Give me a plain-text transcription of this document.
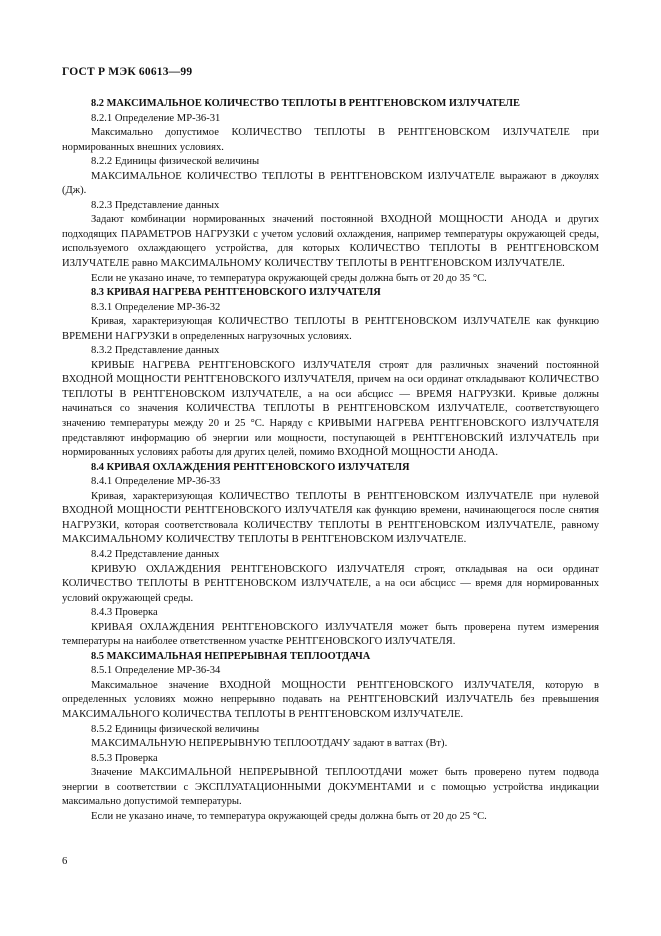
ГОСТ Р МЭК 60613—99

8.2 МАКСИМАЛЬНОЕ КОЛИЧЕСТВО ТЕПЛОТЫ В РЕНТГЕНОВСКОМ ИЗЛУЧАТЕЛЕ

8.2.1 Определение МР-36-31

Максимально допустимое КОЛИЧЕСТВО ТЕПЛОТЫ В РЕНТГЕНОВСКОМ ИЗЛУЧАТЕЛЕ при нормированных внешних условиях.

8.2.2 Единицы физической величины

МАКСИМАЛЬНОЕ КОЛИЧЕСТВО ТЕПЛОТЫ В РЕНТГЕНОВСКОМ ИЗЛУЧАТЕЛЕ выражают в джоулях (Дж).

8.2.3 Представление данных

Задают комбинации нормированных значений постоянной ВХОДНОЙ МОЩНОСТИ АНОДА и других подходящих ПАРАМЕТРОВ НАГРУЗКИ с учетом условий охлаждения, например температуры окружающей среды, используемого охлаждающего устройства, для которых КОЛИЧЕСТВО ТЕПЛОТЫ В РЕНТГЕНОВСКОМ ИЗЛУЧАТЕЛЕ равно МАКСИМАЛЬНОМУ КОЛИЧЕСТВУ ТЕПЛОТЫ В РЕНТГЕНОВСКОМ ИЗЛУЧАТЕЛЕ.

Если не указано иначе, то температура окружающей среды должна быть от 20 до 35 °С.

8.3 КРИВАЯ НАГРЕВА РЕНТГЕНОВСКОГО ИЗЛУЧАТЕЛЯ

8.3.1 Определение МР-36-32

Кривая, характеризующая КОЛИЧЕСТВО ТЕПЛОТЫ В РЕНТГЕНОВСКОМ ИЗЛУЧАТЕЛЕ как функцию ВРЕМЕНИ НАГРУЗКИ в определенных нагрузочных условиях.

8.3.2 Представление данных

КРИВЫЕ НАГРЕВА РЕНТГЕНОВСКОГО ИЗЛУЧАТЕЛЯ строят для различных значений постоянной ВХОДНОЙ МОЩНОСТИ РЕНТГЕНОВСКОГО ИЗЛУЧАТЕЛЯ, причем на оси ординат откладывают КОЛИЧЕСТВО ТЕПЛОТЫ В РЕНТГЕНОВСКОМ ИЗЛУЧАТЕЛЕ, а на оси абсцисс — ВРЕМЯ НАГРУЗКИ. Кривые должны начинаться со значения КОЛИЧЕСТВА ТЕПЛОТЫ В РЕНТГЕНОВСКОМ ИЗЛУЧАТЕЛЕ, соответствующего значению температуры между 20 и 25 °С. Наряду с КРИВЫМИ НАГРЕВА РЕНТГЕНОВСКОГО ИЗЛУЧАТЕЛЯ представляют информацию об энергии или мощности, поступающей в РЕНТГЕНОВСКИЙ ИЗЛУЧАТЕЛЬ при нормированных условиях работы для других целей, помимо ВХОДНОЙ МОЩНОСТИ АНОДА.

8.4 КРИВАЯ ОХЛАЖДЕНИЯ РЕНТГЕНОВСКОГО ИЗЛУЧАТЕЛЯ

8.4.1 Определение МР-36-33

Кривая, характеризующая КОЛИЧЕСТВО ТЕПЛОТЫ В РЕНТГЕНОВСКОМ ИЗЛУЧАТЕЛЕ при нулевой ВХОДНОЙ МОЩНОСТИ РЕНТГЕНОВСКОГО ИЗЛУЧАТЕЛЯ как функцию времени, начинающегося после снятия НАГРУЗКИ, которая соответствовала КОЛИЧЕСТВУ ТЕПЛОТЫ В РЕНТГЕНОВСКОМ ИЗЛУЧАТЕЛЕ, равному МАКСИМАЛЬНОМУ КОЛИЧЕСТВУ ТЕПЛОТЫ В РЕНТГЕНОВСКОМ ИЗЛУЧАТЕЛЕ.

8.4.2 Представление данных

КРИВУЮ ОХЛАЖДЕНИЯ РЕНТГЕНОВСКОГО ИЗЛУЧАТЕЛЯ строят, откладывая на оси ординат КОЛИЧЕСТВО ТЕПЛОТЫ В РЕНТГЕНОВСКОМ ИЗЛУЧАТЕЛЕ, а на оси абсцисс — время для нормированных условий окружающей среды.

8.4.3 Проверка

КРИВАЯ ОХЛАЖДЕНИЯ РЕНТГЕНОВСКОГО ИЗЛУЧАТЕЛЯ может быть проверена путем измерения температуры на наиболее ответственном участке РЕНТГЕНОВСКОГО ИЗЛУЧАТЕЛЯ.

8.5 МАКСИМАЛЬНАЯ НЕПРЕРЫВНАЯ ТЕПЛООТДАЧА

8.5.1 Определение МР-36-34

Максимальное значение ВХОДНОЙ МОЩНОСТИ РЕНТГЕНОВСКОГО ИЗЛУЧАТЕЛЯ, которую в определенных условиях можно непрерывно подавать на РЕНТГЕНОВСКИЙ ИЗЛУЧАТЕЛЬ без превышения МАКСИМАЛЬНОГО КОЛИЧЕСТВА ТЕПЛОТЫ В РЕНТГЕНОВСКОМ ИЗЛУЧАТЕЛЕ.

8.5.2 Единицы физической величины

МАКСИМАЛЬНУЮ НЕПРЕРЫВНУЮ ТЕПЛООТДАЧУ задают в ваттах (Вт).

8.5.3 Проверка

Значение МАКСИМАЛЬНОЙ НЕПРЕРЫВНОЙ ТЕПЛООТДАЧИ может быть проверено путем подвода энергии в соответствии с ЭКСПЛУАТАЦИОННЫМИ ДОКУМЕНТАМИ и с помощью устройства индикации максимально допустимой температуры.

Если не указано иначе, то температура окружающей среды должна быть от 20 до 25 °С.

6
